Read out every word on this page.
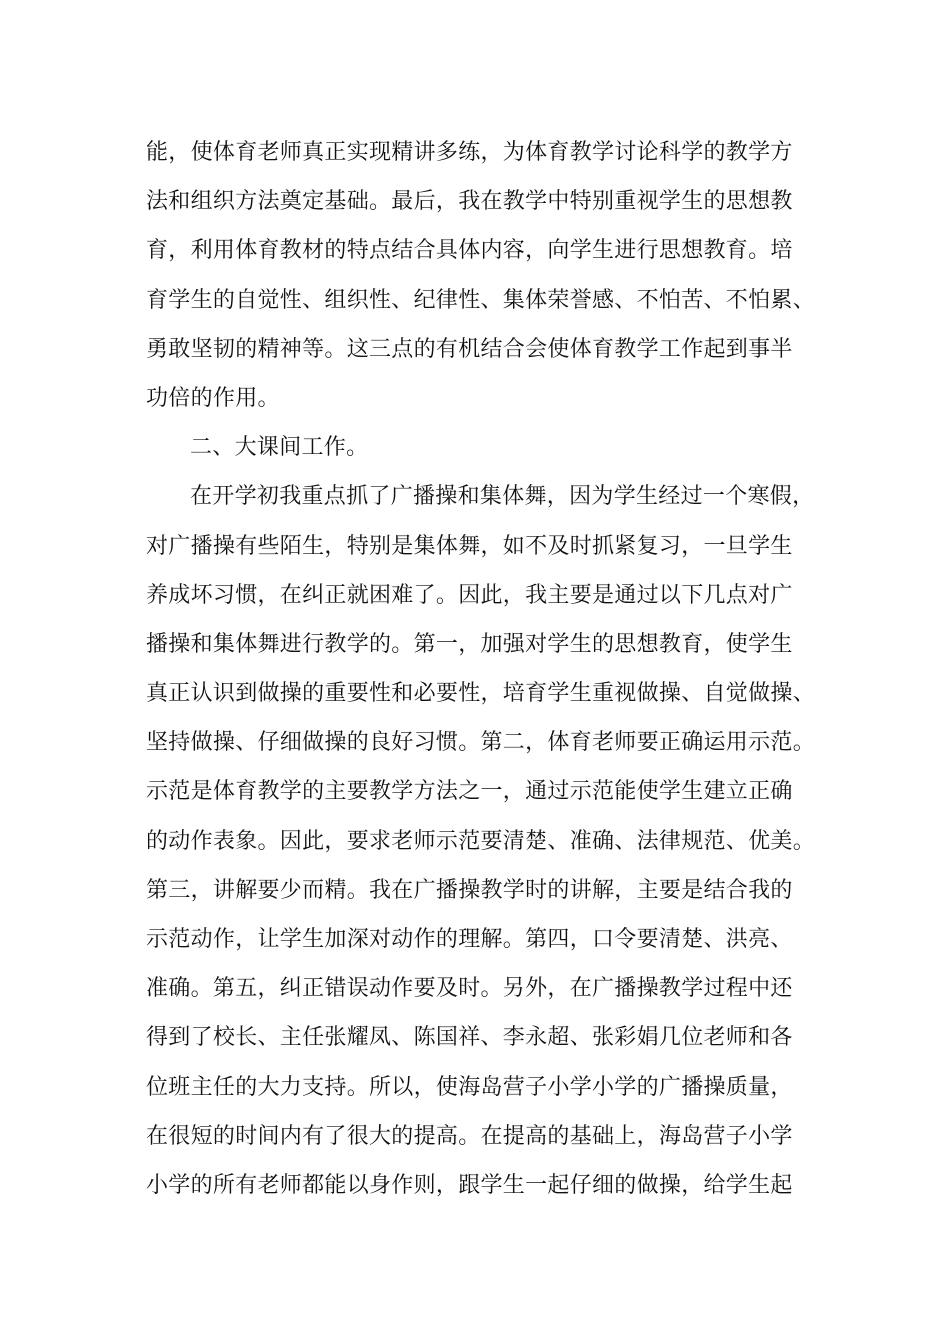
能，使体育老师真正实现精讲多练，为体育教学讨论科学的教学方
法和组织方法奠定基础。最后，我在教学中特别重视学生的思想教
育，利用体育教材的特点结合具体内容，向学生进行思想教育。培
育学生的自觉性、组织性、纪律性、集体荣誉感、不怕苦、不怕累、
勇敢坚韧的精神等。这三点的有机结合会使体育教学工作起到事半
功倍的作用。
二、大课间工作。
在开学初我重点抓了广播操和集体舞，因为学生经过一个寒假，
对广播操有些陌生，特别是集体舞，如不及时抓紧复习，一旦学生
养成坏习惯，在纠正就困难了。因此，我主要是通过以下几点对广
播操和集体舞进行教学的。第一，加强对学生的思想教育，使学生
真正认识到做操的重要性和必要性，培育学生重视做操、自觉做操、
坚持做操、仔细做操的良好习惯。第二，体育老师要正确运用示范。
示范是体育教学的主要教学方法之一，通过示范能使学生建立正确
的动作表象。因此，要求老师示范要清楚、准确、法律规范、优美。
第三，讲解要少而精。我在广播操教学时的讲解，主要是结合我的
示范动作，让学生加深对动作的理解。第四，口令要清楚、洪亮、
准确。第五，纠正错误动作要及时。另外，在广播操教学过程中还
得到了校长、主任张耀凤、陈国祥、李永超、张彩娟几位老师和各
位班主任的大力支持。所以，使海岛营子小学小学的广播操质量，
在很短的时间内有了很大的提高。在提高的基础上，海岛营子小学
小学的所有老师都能以身作则，跟学生一起仔细的做操，给学生起
